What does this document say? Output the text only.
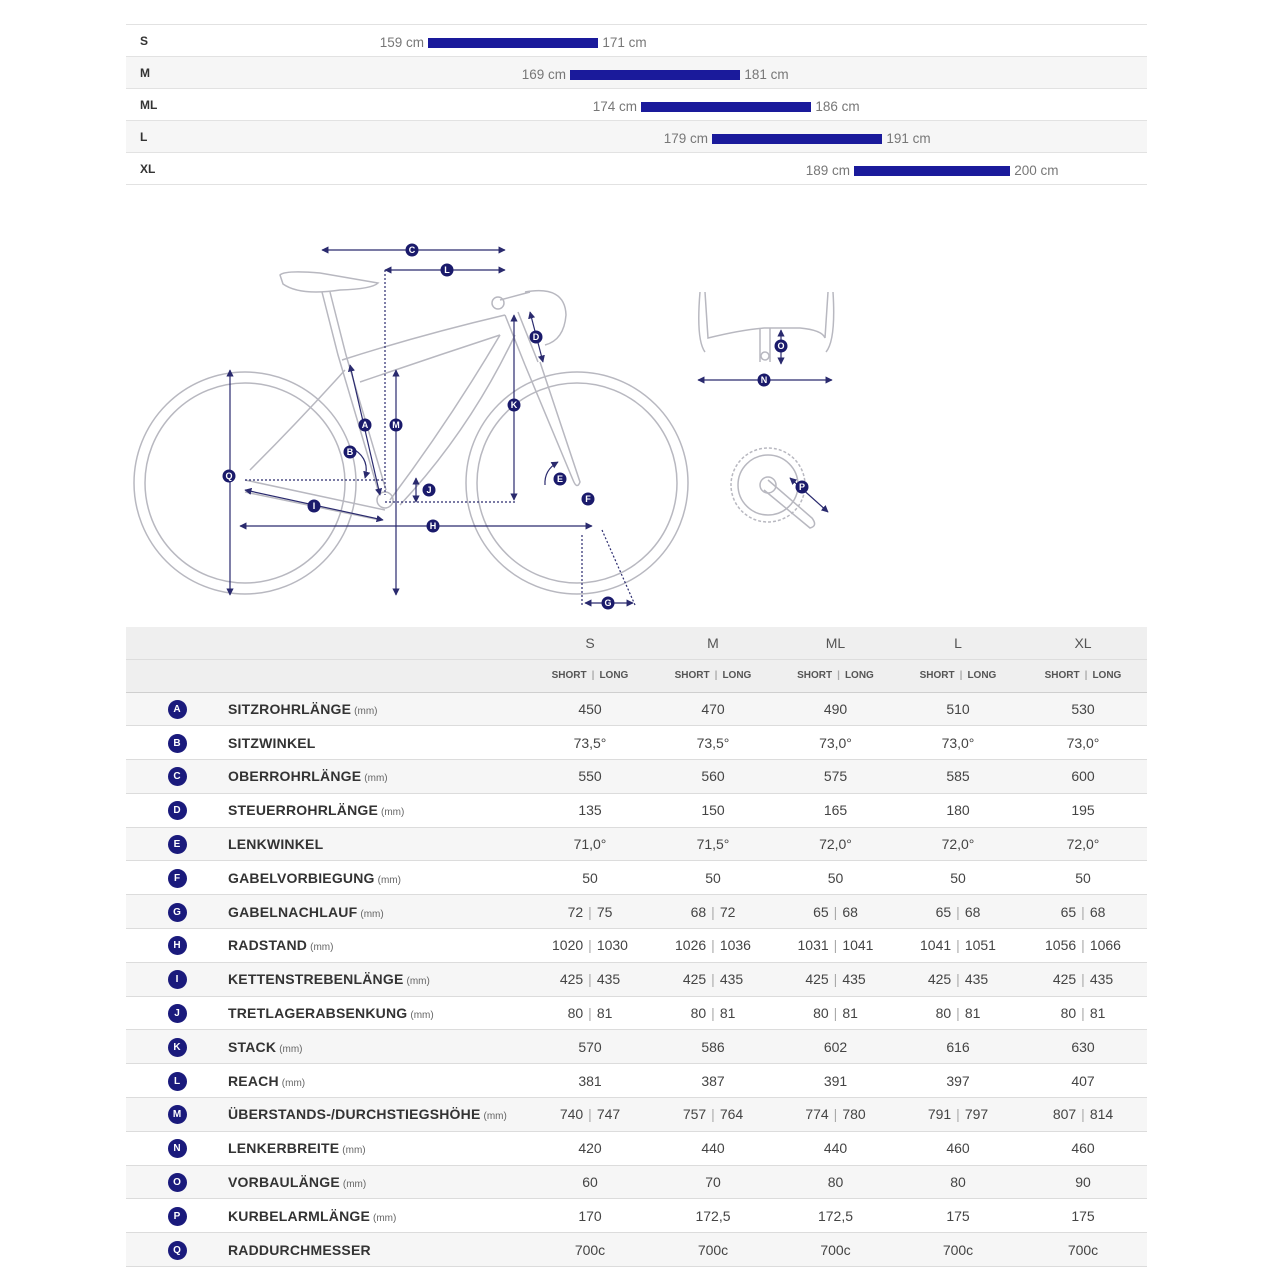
S	159 cm	171 cm
M	169 cm	181 cm
ML	174 cm	186 cm
L	179 cm	191 cm
XL	189 cm	200 cm
C
L
D
K
A	M
B
Q	E
J
F
I
H
G
O
N
P
		S	M	ML	L	XL
		SHORT | LONG	SHORT | LONG	SHORT | LONG	SHORT | LONG	SHORT | LONG
A	SITZROHRLÄNGE (mm)	450	470	490	510	530
B	SITZWINKEL	73,5°	73,5°	73,0°	73,0°	73,0°
C	OBERROHRLÄNGE (mm)	550	560	575	585	600
D	STEUERROHRLÄNGE (mm)	135	150	165	180	195
E	LENKWINKEL	71,0°	71,5°	72,0°	72,0°	72,0°
F	GABELVORBIEGUNG (mm)	50	50	50	50	50
G	GABELNACHLAUF (mm)	72 | 75	68 | 72	65 | 68	65 | 68	65 | 68
H	RADSTAND (mm)	1020 | 1030	1026 | 1036	1031 | 1041	1041 | 1051	1056 | 1066
I	KETTENSTREBENLÄNGE (mm)	425 | 435	425 | 435	425 | 435	425 | 435	425 | 435
J	TRETLAGERABSENKUNG (mm)	80 | 81	80 | 81	80 | 81	80 | 81	80 | 81
K	STACK (mm)	570	586	602	616	630
L	REACH (mm)	381	387	391	397	407
M	ÜBERSTANDS-/DURCHSTIEGSHÖHE (mm)	740 | 747	757 | 764	774 | 780	791 | 797	807 | 814
N	LENKERBREITE (mm)	420	440	440	460	460
O	VORBAULÄNGE (mm)	60	70	80	80	90
P	KURBELARMLÄNGE (mm)	170	172,5	172,5	175	175
Q	RADDURCHMESSER	700c	700c	700c	700c	700c
